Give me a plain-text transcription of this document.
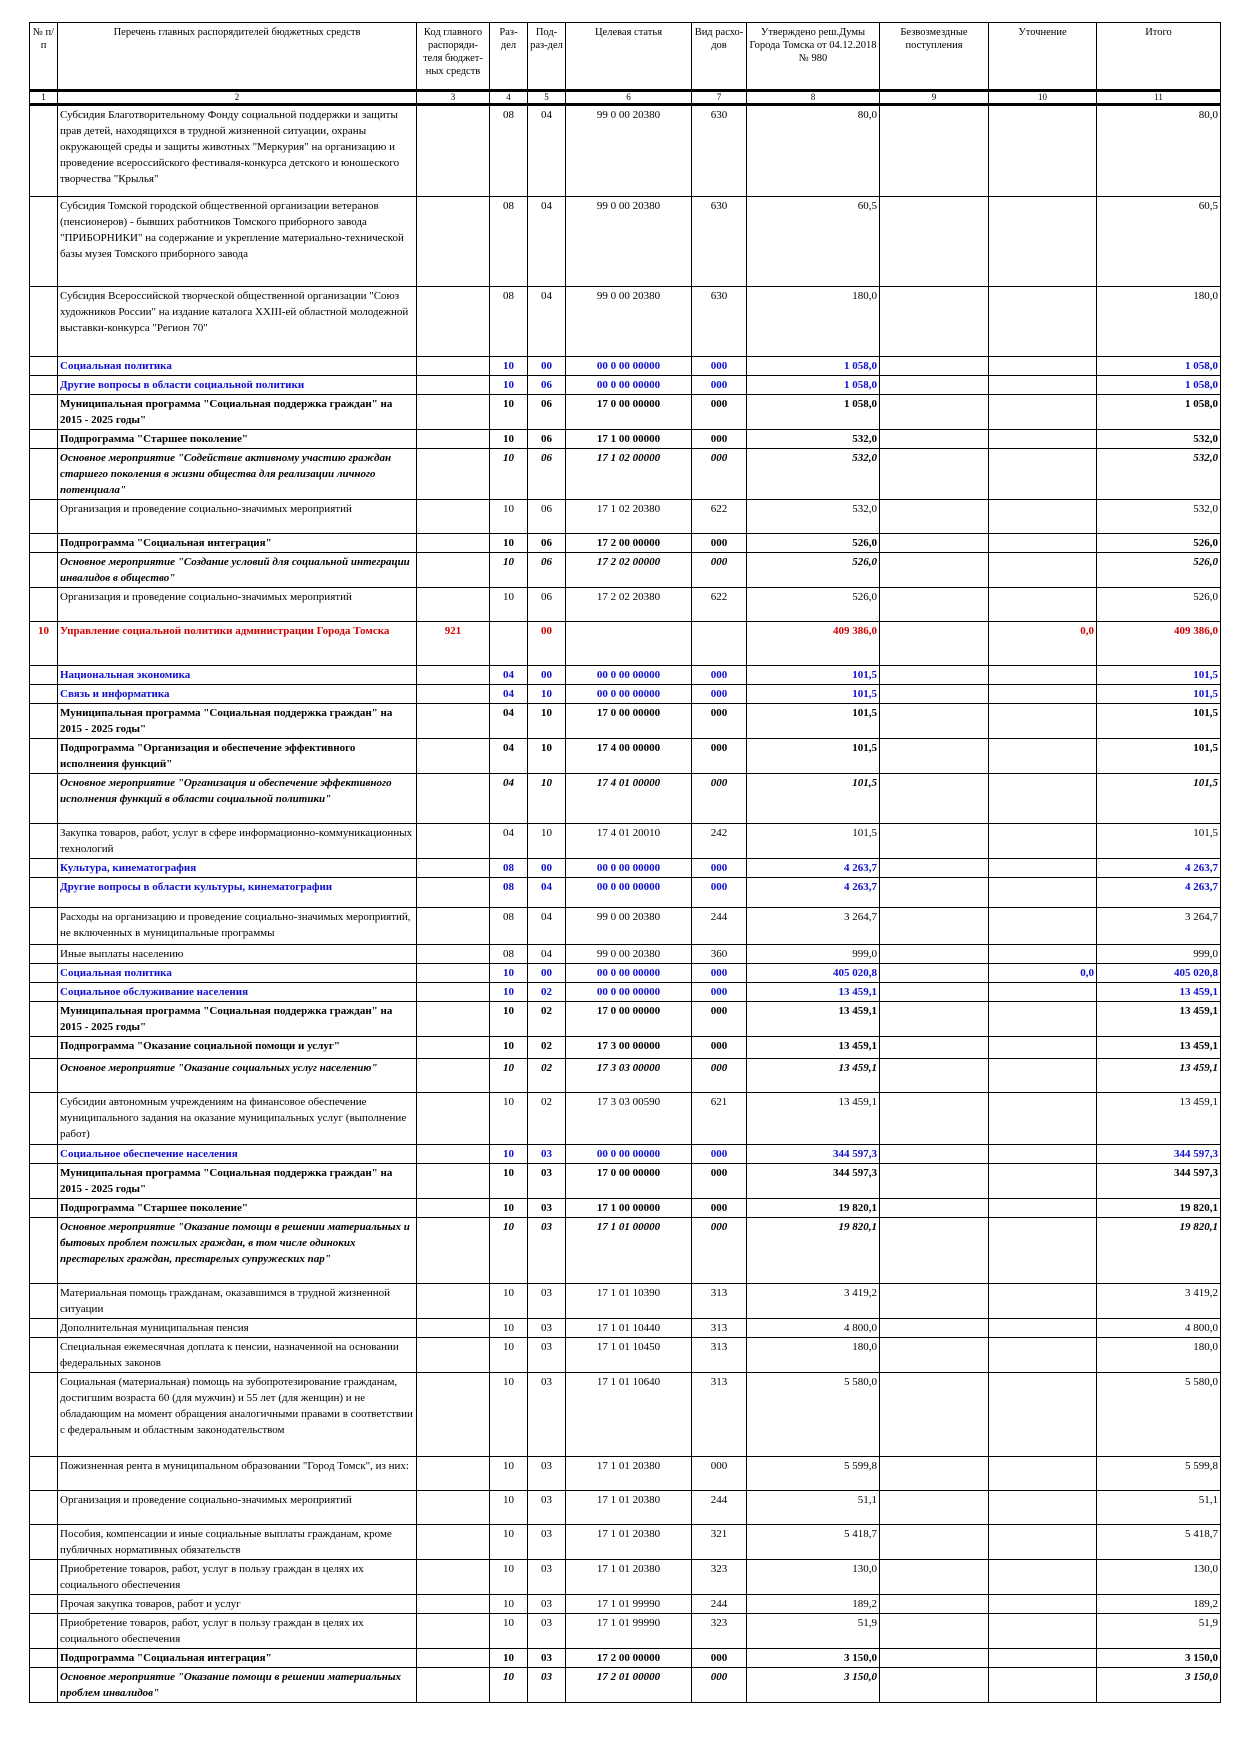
№ п/п	Перечень главных распорядителей бюджетных средств	Код главного распоряди-теля бюджет-ных средств	Раз-дел	Под-раз-дел	Целевая статья	Вид расхо-дов	Утверждено реш.Думы Города Томска от 04.12.2018 № 980	Безвозмездные поступления	Уточнение	Итого
1	2	3	4	5	6	7	8	9	10	11
	Субсидия Благотворительному Фонду социальной поддержки и защиты прав детей, находящихся в трудной жизненной ситуации, охраны окружающей среды и защиты животных "Меркурия" на организацию и проведение всероссийского фестиваля-конкурса детского и юношеского творчества "Крылья"		08	04	99 0 00 20380	630	80,0			80,0
	Субсидия Томской городской общественной организации ветеранов (пенсионеров) - бывших работников Томского приборного завода "ПРИБОРНИКИ" на содержание и укрепление материально-технической базы музея Томского приборного завода		08	04	99 0 00 20380	630	60,5			60,5
	Субсидия Всероссийской творческой общественной организации "Союз художников России" на издание каталога XXIII-ей областной молодежной выставки-конкурса "Регион 70"		08	04	99 0 00 20380	630	180,0			180,0
	Социальная политика		10	00	00 0 00 00000	000	1 058,0			1 058,0
	Другие вопросы в области социальной политики		10	06	00 0 00 00000	000	1 058,0			1 058,0
	Муниципальная программа "Социальная поддержка граждан" на 2015 - 2025 годы"		10	06	17 0 00 00000	000	1 058,0			1 058,0
	Подпрограмма "Старшее поколение"		10	06	17 1 00 00000	000	532,0			532,0
	Основное мероприятие "Содействие активному участию граждан старшего поколения в жизни общества для реализации личного потенциала"		10	06	17 1 02 00000	000	532,0			532,0
	Организация и проведение социально-значимых мероприятий		10	06	17 1 02 20380	622	532,0			532,0
	Подпрограмма "Социальная интеграция"		10	06	17 2 00 00000	000	526,0			526,0
	Основное мероприятие "Создание условий для социальной интеграции инвалидов в общество"		10	06	17 2 02 00000	000	526,0			526,0
	Организация и проведение социально-значимых мероприятий		10	06	17 2 02 20380	622	526,0			526,0
10	Управление социальной политики администрации Города Томска	921		00			409 386,0		0,0	409 386,0
	Национальная экономика		04	00	00 0 00 00000	000	101,5			101,5
	Связь и информатика		04	10	00 0 00 00000	000	101,5			101,5
	Муниципальная программа "Социальная поддержка граждан" на 2015 - 2025 годы"		04	10	17 0 00 00000	000	101,5			101,5
	Подпрограмма "Организация и обеспечение эффективного исполнения функций"		04	10	17 4 00 00000	000	101,5			101,5
	Основное мероприятие "Организация и обеспечение эффективного исполнения функций в области социальной политики"		04	10	17 4 01 00000	000	101,5			101,5
	Закупка товаров, работ, услуг в сфере информационно-коммуникационных технологий		04	10	17 4 01 20010	242	101,5			101,5
	Культура, кинематография		08	00	00 0 00 00000	000	4 263,7			4 263,7
	Другие вопросы в области культуры, кинематографии		08	04	00 0 00 00000	000	4 263,7			4 263,7
	Расходы на организацию и проведение социально-значимых мероприятий, не включенных в муниципальные программы		08	04	99 0 00 20380	244	3 264,7			3 264,7
	Иные выплаты населению		08	04	99 0 00 20380	360	999,0			999,0
	Социальная политика		10	00	00 0 00 00000	000	405 020,8		0,0	405 020,8
	Социальное обслуживание населения		10	02	00 0 00 00000	000	13 459,1			13 459,1
	Муниципальная программа "Социальная поддержка граждан" на 2015 - 2025 годы"		10	02	17 0 00 00000	000	13 459,1			13 459,1
	Подпрограмма "Оказание социальной помощи и услуг"		10	02	17 3 00 00000	000	13 459,1			13 459,1
	Основное мероприятие "Оказание социальных услуг населению"		10	02	17 3 03 00000	000	13 459,1			13 459,1
	Субсидии автономным учреждениям на финансовое обеспечение муниципального задания на оказание муниципальных услуг (выполнение работ)		10	02	17 3 03 00590	621	13 459,1			13 459,1
	Социальное обеспечение населения		10	03	00 0 00 00000	000	344 597,3			344 597,3
	Муниципальная программа "Социальная поддержка граждан" на 2015 - 2025 годы"		10	03	17 0 00 00000	000	344 597,3			344 597,3
	Подпрограмма "Старшее поколение"		10	03	17 1 00 00000	000	19 820,1			19 820,1
	Основное мероприятие "Оказание помощи в решении материальных и бытовых проблем пожилых граждан, в том числе одиноких престарелых граждан, престарелых супружеских пар"		10	03	17 1 01 00000	000	19 820,1			19 820,1
	Материальная помощь гражданам, оказавшимся в трудной жизненной ситуации		10	03	17 1 01 10390	313	3 419,2			3 419,2
	Дополнительная муниципальная пенсия		10	03	17 1 01 10440	313	4 800,0			4 800,0
	Специальная ежемесячная доплата к пенсии, назначенной на основании федеральных законов		10	03	17 1 01 10450	313	180,0			180,0
	Социальная (материальная) помощь на зубопротезирование гражданам, достигшим возраста 60 (для мужчин) и 55 лет (для женщин) и не обладающим на момент обращения аналогичными правами в соответствии с федеральным и областным законодательством		10	03	17 1 01 10640	313	5 580,0			5 580,0
	Пожизненная рента в муниципальном образовании "Город Томск", из них:		10	03	17 1 01 20380	000	5 599,8			5 599,8
	Организация и проведение социально-значимых мероприятий		10	03	17 1 01 20380	244	51,1			51,1
	Пособия, компенсации и иные социальные выплаты гражданам, кроме публичных нормативных обязательств		10	03	17 1 01 20380	321	5 418,7			5 418,7
	Приобретение товаров, работ, услуг в пользу граждан в целях их социального обеспечения		10	03	17 1 01 20380	323	130,0			130,0
	Прочая закупка товаров, работ и услуг		10	03	17 1 01 99990	244	189,2			189,2
	Приобретение товаров, работ, услуг в пользу граждан в целях их социального обеспечения		10	03	17 1 01 99990	323	51,9			51,9
	Подпрограмма "Социальная интеграция"		10	03	17 2 00 00000	000	3 150,0			3 150,0
	Основное мероприятие "Оказание помощи в решении материальных проблем инвалидов"		10	03	17 2 01 00000	000	3 150,0			3 150,0
